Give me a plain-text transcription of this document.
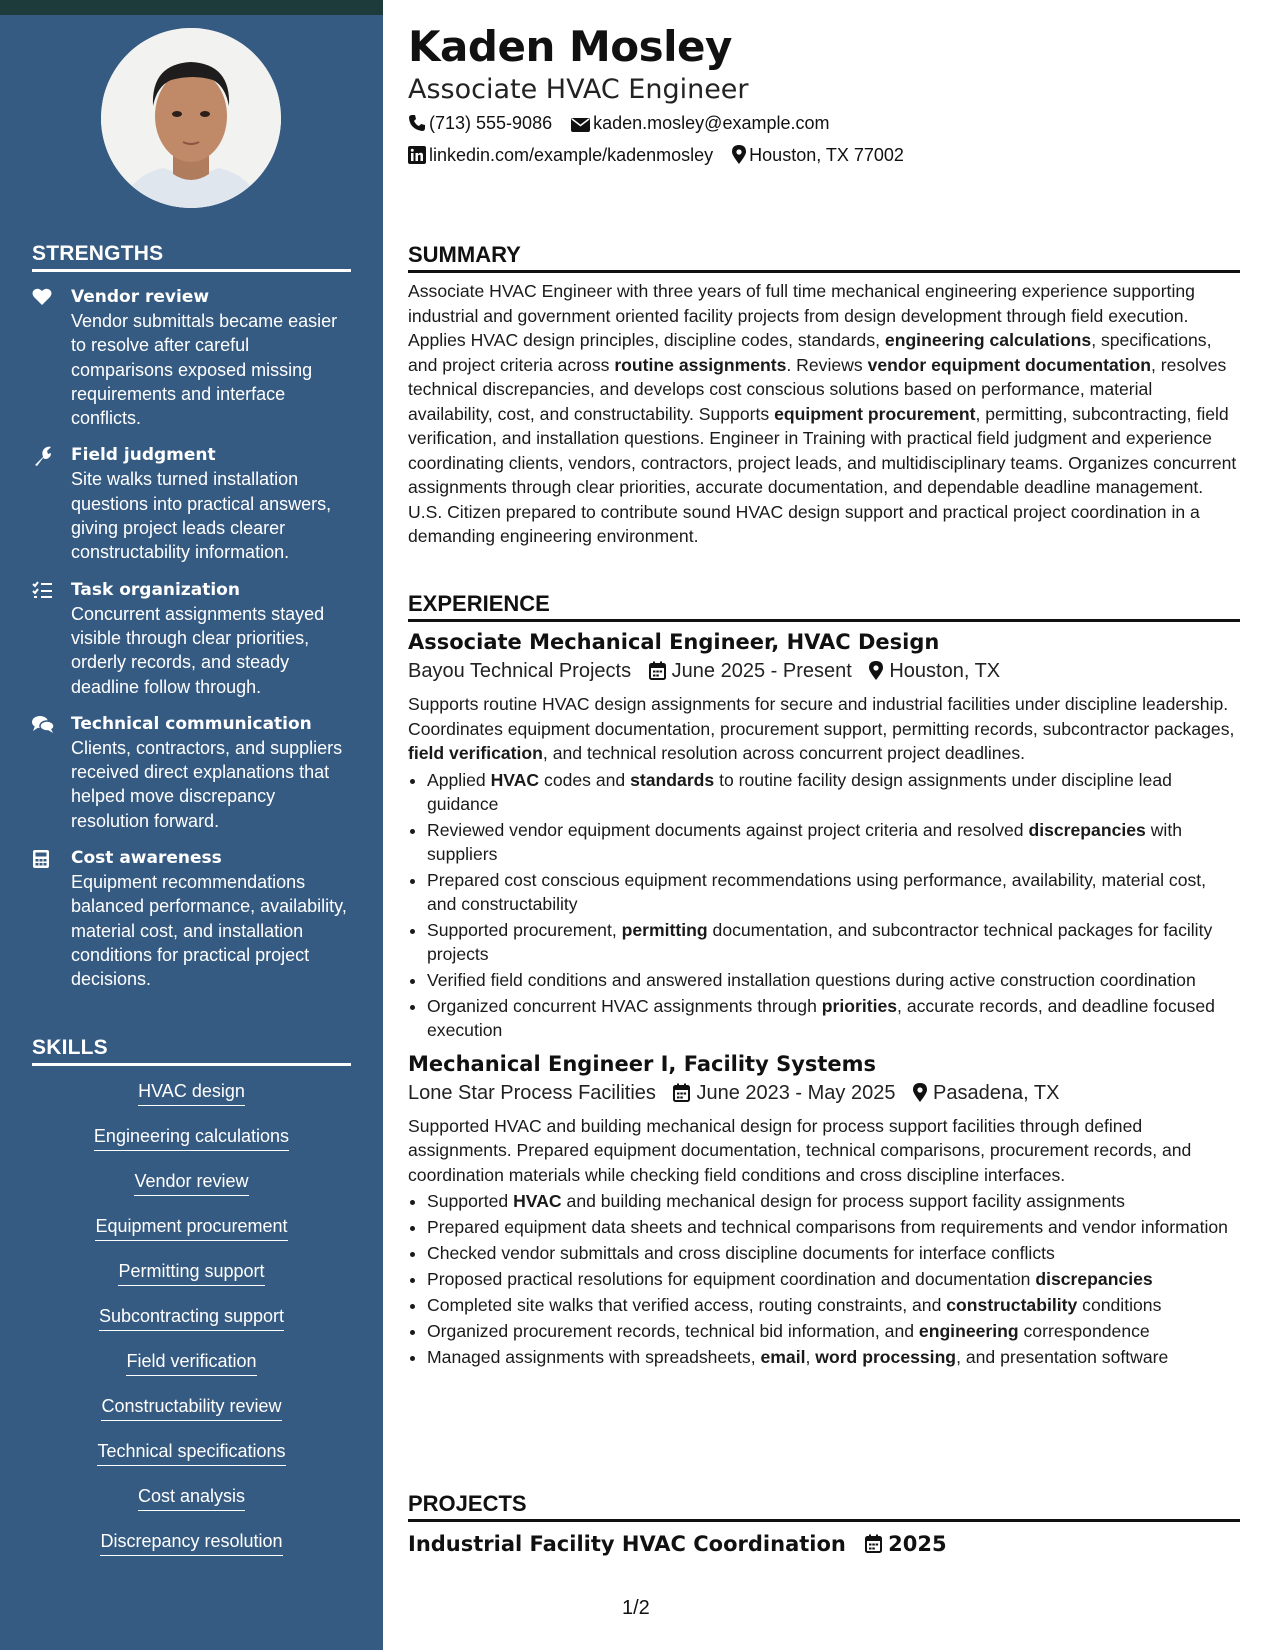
STRENGTHS
Vendor review
Vendor submittals became easier to resolve after careful comparisons exposed missing requirements and interface conflicts.
Field judgment
Site walks turned installation questions into practical answers, giving project leads clearer constructability information.
Task organization
Concurrent assignments stayed visible through clear priorities, orderly records, and steady deadline follow through.
Technical communication
Clients, contractors, and suppliers received direct explanations that helped move discrepancy resolution forward.
Cost awareness
Equipment recommendations balanced performance, availability, material cost, and installation conditions for practical project decisions.
SKILLS
HVAC design
Engineering calculations
Vendor review
Equipment procurement
Permitting support
Subcontracting support
Field verification
Constructability review
Technical specifications
Cost analysis
Discrepancy resolution
Kaden Mosley
Associate HVAC Engineer
(713) 555-9086 kaden.mosley@example.com
linkedin.com/example/kadenmosley Houston, TX 77002
SUMMARY

Associate HVAC Engineer with three years of full time mechanical engineering experience supporting industrial and government oriented facility projects from design development through field execution. Applies HVAC design principles, discipline codes, standards, engineering calculations, specifications, and project criteria across routine assignments. Reviews vendor equipment documentation, resolves technical discrepancies, and develops cost conscious solutions based on performance, material availability, cost, and constructability. Supports equipment procurement, permitting, subcontracting, field verification, and installation questions. Engineer in Training with practical field judgment and experience coordinating clients, vendors, contractors, project leads, and multidisciplinary teams. Organizes concurrent assignments through clear priorities, accurate documentation, and dependable deadline management. U.S. Citizen prepared to contribute sound HVAC design support and practical project coordination in a demanding engineering environment.

EXPERIENCE
Associate Mechanical Engineer, HVAC Design
Bayou Technical Projects June 2025 - Present Houston, TX

Supports routine HVAC design assignments for secure and industrial facilities under discipline leadership. Coordinates equipment documentation, procurement support, permitting records, subcontractor packages, field verification, and technical resolution across concurrent project deadlines.

• Applied HVAC codes and standards to routine facility design assignments under discipline lead guidance
• Reviewed vendor equipment documents against project criteria and resolved discrepancies with suppliers
• Prepared cost conscious equipment recommendations using performance, availability, material cost, and constructability
• Supported procurement, permitting documentation, and subcontractor technical packages for facility projects
• Verified field conditions and answered installation questions during active construction coordination
• Organized concurrent HVAC assignments through priorities, accurate records, and deadline focused execution
Mechanical Engineer I, Facility Systems
Lone Star Process Facilities June 2023 - May 2025 Pasadena, TX

Supported HVAC and building mechanical design for process support facilities through defined assignments. Prepared equipment documentation, technical comparisons, procurement records, and coordination materials while checking field conditions and cross discipline interfaces.

• Supported HVAC and building mechanical design for process support facility assignments
• Prepared equipment data sheets and technical comparisons from requirements and vendor information
• Checked vendor submittals and cross discipline documents for interface conflicts
• Proposed practical resolutions for equipment coordination and documentation discrepancies
• Completed site walks that verified access, routing constraints, and constructability conditions
• Organized procurement records, technical bid information, and engineering correspondence
• Managed assignments with spreadsheets, email, word processing, and presentation software
PROJECTS
Industrial Facility HVAC Coordination 2025
1/2
